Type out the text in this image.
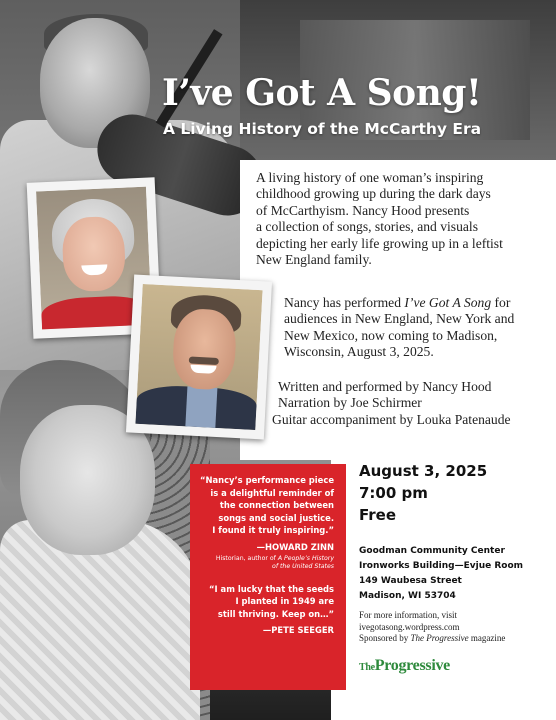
I’ve Got A Song!
A Living History of the McCarthy Era
A living history of one woman’s inspiring
childhood growing up during the dark days
of McCarthyism. Nancy Hood presents
a collection of songs, stories, and visuals
depicting her early life growing up in a leftist
New England family.
Nancy has performed I’ve Got A Song for
audiences in New England, New York and
New Mexico, now coming to Madison,
Wisconsin, August 3, 2025.
Written and performed by Nancy Hood
Narration by Joe Schirmer
Guitar accompaniment by Louka Patenaude
“Nancy’s performance piece
is a delightful reminder of
the connection between
songs and social justice.
I found it truly inspiring.”
—HOWARD ZINN
Historian, author of A People’s History
of the United States
“I am lucky that the seeds
I planted in 1949 are
still thriving. Keep on…”
—PETE SEEGER
August 3, 2025
7:00 pm
Free
Goodman Community Center
Ironworks Building—Evjue Room
149 Waubesa Street
Madison, WI 53704
For more information, visit
ivegotasong.wordpress.com
Sponsored by The Progressive magazine
TheProgressive
